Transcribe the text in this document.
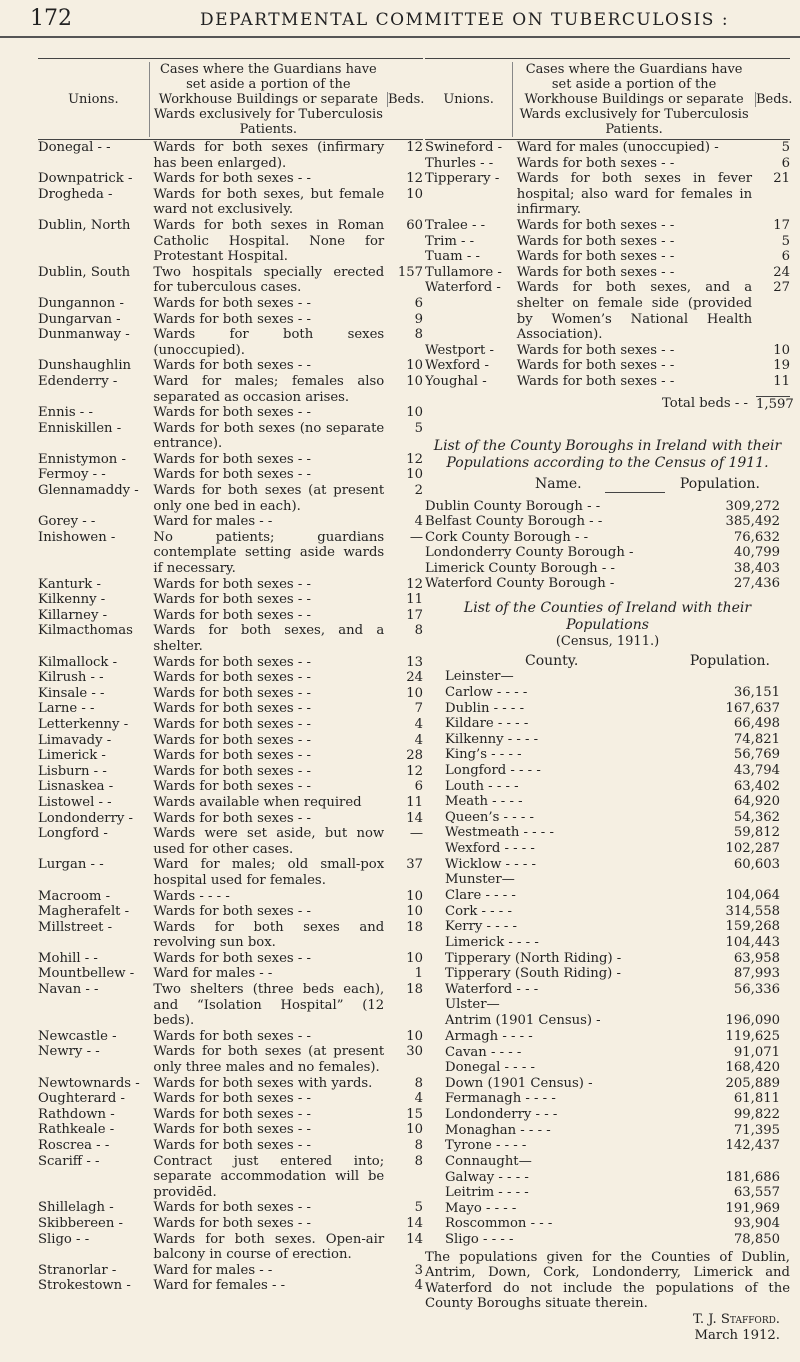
172	DEPARTMENTAL COMMITTEE ON TUBERCULOSIS :
Unions.
Cases where the Guardians have set aside a portion of the Workhouse Buildings or separate Wards exclusively for Tuberculosis Patients.
Beds.
Donegal - -	Wards for both sexes (infirmary has been enlarged).
12
Downpatrick -	Wards for both sexes - -	12
Drogheda -	Wards for both sexes, but female ward not exclusively.
10
Dublin, North	Wards for both sexes in Roman Catholic Hospital. None for Protestant Hospital.
60
Dublin, South	Two hospitals specially erected for tuberculous cases.
157
Dungannon -	Wards for both sexes - -	6
Dungarvan -	Wards for both sexes - -	9
Dunmanway -	Wards for both sexes (unoccupied).
8
Dunshaughlin	Wards for both sexes - -	10
Edenderry -	Ward for males; females also separated as occasion arises.
10
Ennis - -	Wards for both sexes - -	10
Enniskillen -	Wards for both sexes (no separate entrance).
5
Ennistymon -	Wards for both sexes - -	12
Fermoy - -	Wards for both sexes - -	10
Glennamaddy -	Wards for both sexes (at present only one bed in each).
2
Gorey - -	Ward for males - -	4
Inishowen -	No patients; guardians contemplate setting aside wards if necessary.
—
Kanturk -	Wards for both sexes - -	12
Kilkenny -	Wards for both sexes - -	11
Killarney -	Wards for both sexes - -	17
Kilmacthomas	Wards for both sexes, and a shelter.
8
Kilmallock -	Wards for both sexes - -	13
Kilrush - -	Wards for both sexes - -	24
Kinsale - -	Wards for both sexes - -	10
Larne - -	Wards for both sexes - -	7
Letterkenny -	Wards for both sexes - -	4
Limavady -	Wards for both sexes - -	4
Limerick -	Wards for both sexes - -	28
Lisburn - -	Wards for both sexes - -	12
Lisnaskea -	Wards for both sexes - -	6
Listowel - -	Wards available when required	11
Londonderry -	Wards for both sexes - -	14
Longford -	Wards were set aside, but now used for other cases.
—
Lurgan - -	Ward for males; old small-pox hospital used for females.
37
Macroom -	Wards - - - -	10
Magherafelt -	Wards for both sexes - -	10
Millstreet -	Wards for both sexes and revolving sun box.
18
Mohill - -	Wards for both sexes - -	10
Mountbellew -	Ward for males - -	1
Navan - -	Two shelters (three beds each), and “Isolation Hospital” (12 beds).
18
Newcastle -	Wards for both sexes - -	10
Newry - -	Wards for both sexes (at present only three males and no females).
30
Newtownards -	Wards for both sexes with yards.	8
Oughterard -	Wards for both sexes - -	4
Rathdown -	Wards for both sexes - -	15
Rathkeale -	Wards for both sexes - -	10
Roscrea - -	Wards for both sexes - -	8
Scariff - -	Contract just entered into; separate accommodation will be providēd.
8
Shillelagh -	Wards for both sexes - -	5
Skibbereen -	Wards for both sexes - -	14
Sligo - -	Wards for both sexes. Open-air balcony in course of erection.
14
Stranorlar -	Ward for males - -	3
Strokestown -	Ward for females - -	4
Unions.
Cases where the Guardians have set aside a portion of the Workhouse Buildings or separate Wards exclusively for Tuberculosis Patients.
Beds.
Swineford -	Ward for males (unoccupied) -	5
Thurles - -	Wards for both sexes - -	6
Tipperary -	Wards for both sexes in fever hospital; also ward for females in infirmary.
21
Tralee - -	Wards for both sexes - -	17
Trim - -	Wards for both sexes - -	5
Tuam - -	Wards for both sexes - -	6
Tullamore -	Wards for both sexes - -	24
Waterford -	Wards for both sexes, and a shelter on female side (provided by Women’s National Health Association).
27
Westport -	Wards for both sexes - -	10
Wexford -	Wards for both sexes - -	19
Youghal -	Wards for both sexes - -	11
Total beds - - 1,597
List of the County Boroughs in Ireland with their Populations according to the Census of 1911.
Name.	Population.
Dublin County Borough - -	309,272
Belfast County Borough - -	385,492
Cork County Borough - -	76,632
Londonderry County Borough -	40,799
Limerick County Borough - -	38,403
Waterford County Borough -	27,436
List of the Counties of Ireland with their Populations
(Census, 1911.)
County.	Population.
Leinster—
Carlow - - - -	36,151
Dublin - - - -	167,637
Kildare - - - -	66,498
Kilkenny - - - -	74,821
King’s - - - -	56,769
Longford - - - -	43,794
Louth - - - -	63,402
Meath - - - -	64,920
Queen’s - - - -	54,362
Westmeath - - - -	59,812
Wexford - - - -	102,287
Wicklow - - - -	60,603
Munster—
Clare - - - -	104,064
Cork - - - -	314,558
Kerry - - - -	159,268
Limerick - - - -	104,443
Tipperary (North Riding) -	63,958
Tipperary (South Riding) -	87,993
Waterford - - -	56,336
Ulster—
Antrim (1901 Census) -	196,090
Armagh - - - -	119,625
Cavan - - - -	91,071
Donegal - - - -	168,420
Down (1901 Census) -	205,889
Fermanagh - - - -	61,811
Londonderry - - -	99,822
Monaghan - - - -	71,395
Tyrone - - - -	142,437
Connaught—
Galway - - - -	181,686
Leitrim - - - -	63,557
Mayo - - - -	191,969
Roscommon - - -	93,904
Sligo - - - -	78,850
The populations given for the Counties of Dublin, Antrim, Down, Cork, Londonderry, Limerick and Waterford do not include the populations of the County Boroughs situate therein.
T. J. Stafford.
March 1912.
